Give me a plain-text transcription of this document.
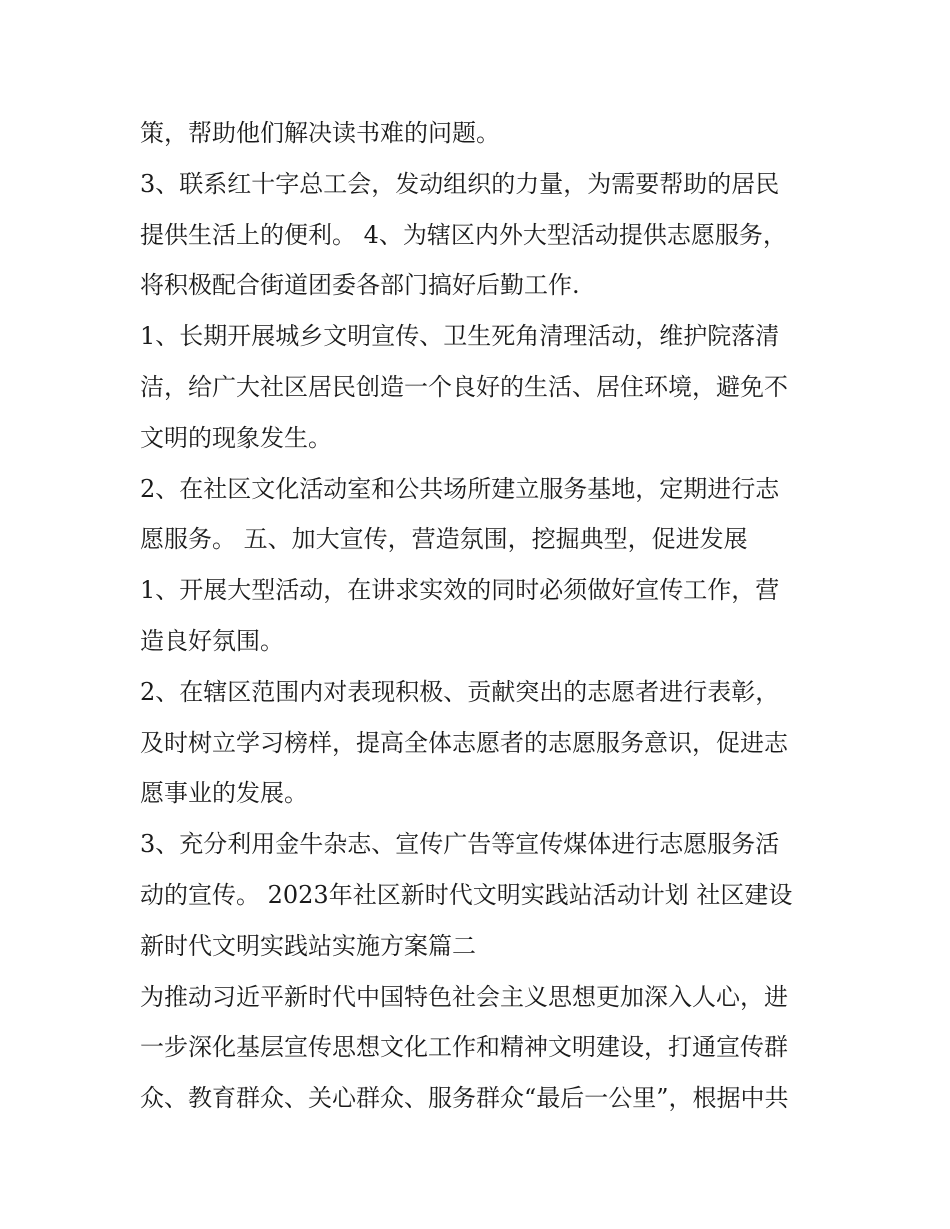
策，帮助他们解决读书难的问题。
3、联系红十字总工会，发动组织的力量，为需要帮助的居民
提供生活上的便利。 4、为辖区内外大型活动提供志愿服务，
将积极配合街道团委各部门搞好后勤工作.
1、长期开展城乡文明宣传、卫生死角清理活动，维护院落清
洁，给广大社区居民创造一个良好的生活、居住环境，避免不
文明的现象发生。
2、在社区文化活动室和公共场所建立服务基地，定期进行志
愿服务。 五、加大宣传，营造氛围，挖掘典型，促进发展
1、开展大型活动，在讲求实效的同时必须做好宣传工作，营
造良好氛围。
2、在辖区范围内对表现积极、贡献突出的志愿者进行表彰，
及时树立学习榜样，提高全体志愿者的志愿服务意识，促进志
愿事业的发展。
3、充分利用金牛杂志、宣传广告等宣传煤体进行志愿服务活
动的宣传。 2023年社区新时代文明实践站活动计划 社区建设
新时代文明实践站实施方案篇二
为推动习近平新时代中国特色社会主义思想更加深入人心，进
一步深化基层宣传思想文化工作和精神文明建设，打通宣传群
众、教育群众、关心群众、服务群众“最后一公里”，根据中共
